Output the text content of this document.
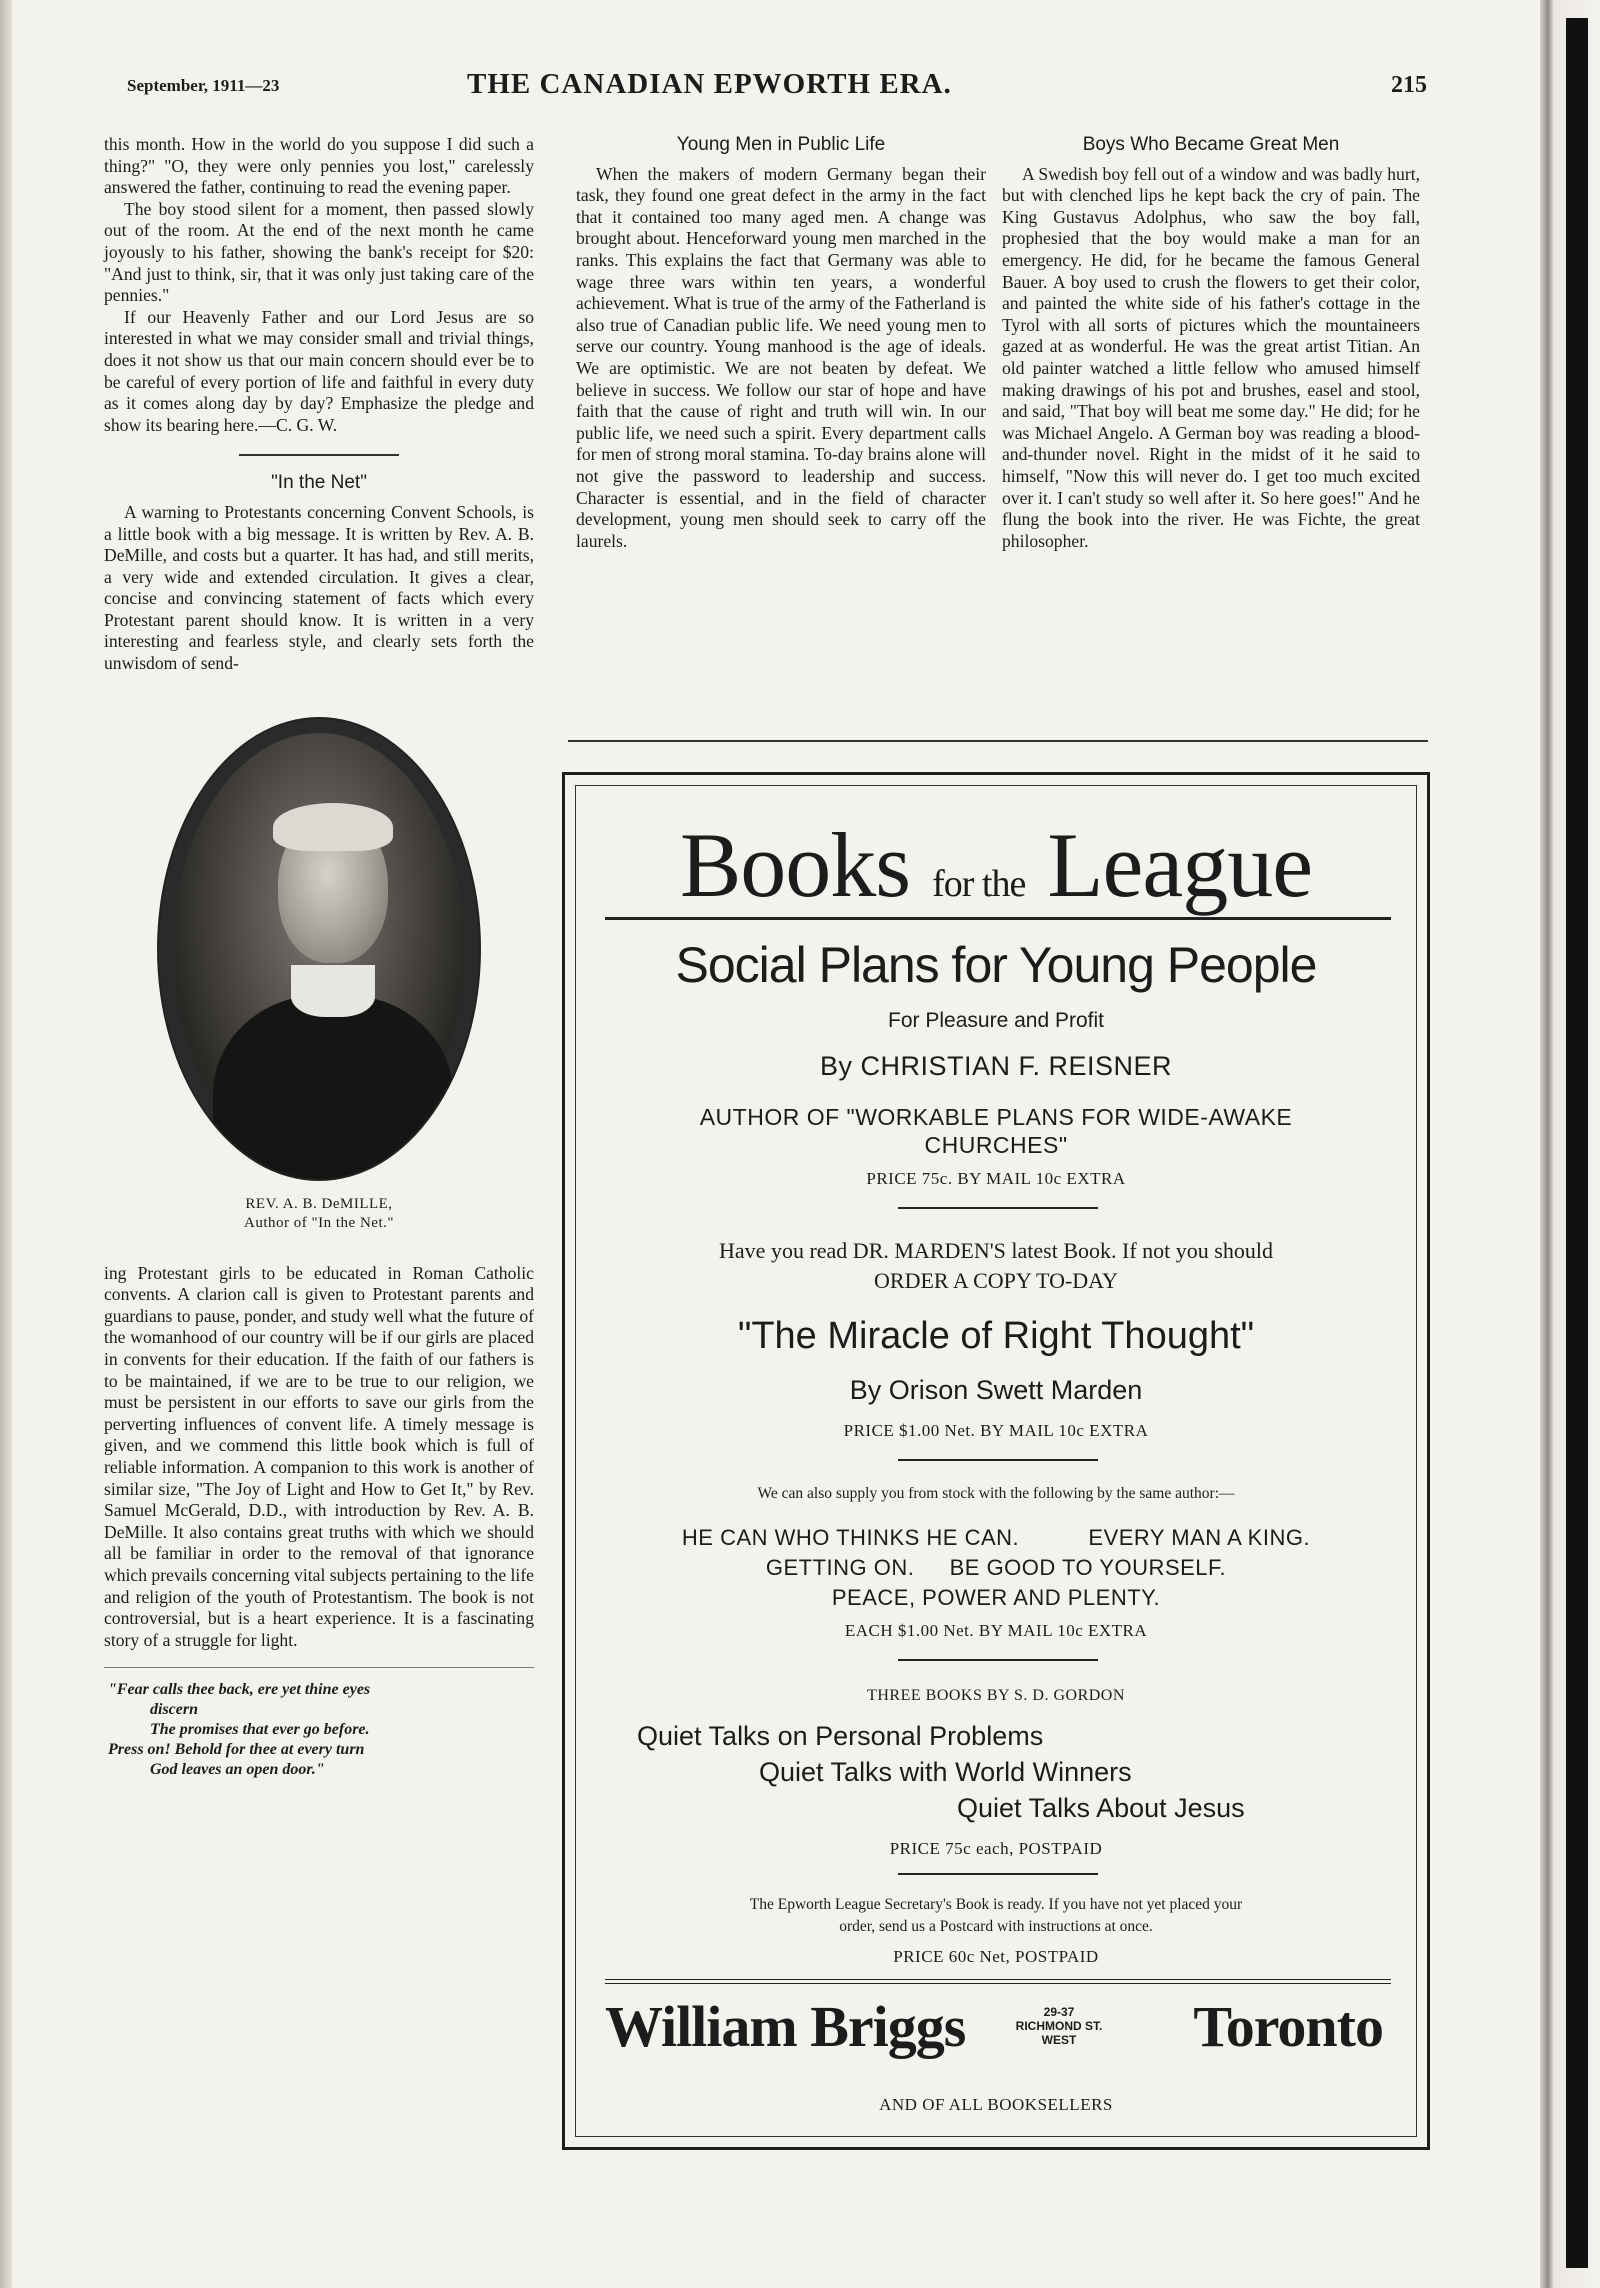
September, 1911—23	THE CANADIAN EPWORTH ERA.	215

this month. How in the world do you suppose I did such a thing?" "O, they were only pennies you lost," carelessly answered the father, continuing to read the evening paper.

The boy stood silent for a moment, then passed slowly out of the room. At the end of the next month he came joyously to his father, showing the bank's receipt for $20: "And just to think, sir, that it was only just taking care of the pennies."

If our Heavenly Father and our Lord Jesus are so interested in what we may consider small and trivial things, does it not show us that our main concern should ever be to be careful of every portion of life and faithful in every duty as it comes along day by day? Emphasize the pledge and show its bearing here.—C. G. W.

"In the Net"

A warning to Protestants concerning Convent Schools, is a little book with a big message. It is written by Rev. A. B. DeMille, and costs but a quarter. It has had, and still merits, a very wide and extended circulation. It gives a clear, concise and convincing statement of facts which every Protestant parent should know. It is written in a very interesting and fearless style, and clearly sets forth the unwisdom of send-

REV. A. B. DeMILLE,
Author of "In the Net."

ing Protestant girls to be educated in Roman Catholic convents. A clarion call is given to Protestant parents and guardians to pause, ponder, and study well what the future of the womanhood of our country will be if our girls are placed in convents for their education. If the faith of our fathers is to be maintained, if we are to be true to our religion, we must be persistent in our efforts to save our girls from the perverting influences of convent life. A timely message is given, and we commend this little book which is full of reliable information. A companion to this work is another of similar size, "The Joy of Light and How to Get It," by Rev. Samuel McGerald, D.D., with introduction by Rev. A. B. DeMille. It also contains great truths with which we should all be familiar in order to the removal of that ignorance which prevails concerning vital subjects pertaining to the life and religion of the youth of Protestantism. The book is not controversial, but is a heart experience. It is a fascinating story of a struggle for light.

"Fear calls thee back, ere yet thine eyes
discern
The promises that ever go before.
Press on! Behold for thee at every turn
God leaves an open door."
Young Men in Public Life

When the makers of modern Germany began their task, they found one great defect in the army in the fact that it contained too many aged men. A change was brought about. Henceforward young men marched in the ranks. This explains the fact that Germany was able to wage three wars within ten years, a wonderful achievement. What is true of the army of the Fatherland is also true of Canadian public life. We need young men to serve our country. Young manhood is the age of ideals. We are optimistic. We are not beaten by defeat. We believe in success. We follow our star of hope and have faith that the cause of right and truth will win. In our public life, we need such a spirit. Every department calls for men of strong moral stamina. To-day brains alone will not give the password to leadership and success. Character is essential, and in the field of character development, young men should seek to carry off the laurels.

Boys Who Became Great Men

A Swedish boy fell out of a window and was badly hurt, but with clenched lips he kept back the cry of pain. The King Gustavus Adolphus, who saw the boy fall, prophesied that the boy would make a man for an emergency. He did, for he became the famous General Bauer. A boy used to crush the flowers to get their color, and painted the white side of his father's cottage in the Tyrol with all sorts of pictures which the mountaineers gazed at as wonderful. He was the great artist Titian. An old painter watched a little fellow who amused himself making drawings of his pot and brushes, easel and stool, and said, "That boy will beat me some day." He did; for he was Michael Angelo. A German boy was reading a blood-and-thunder novel. Right in the midst of it he said to himself, "Now this will never do. I get too much excited over it. I can't study so well after it. So here goes!" And he flung the book into the river. He was Fichte, the great philosopher.

Books for the League
Social Plans for Young People
For Pleasure and Profit
By CHRISTIAN F. REISNER
AUTHOR OF "WORKABLE PLANS FOR WIDE-AWAKE
CHURCHES"
PRICE 75c. BY MAIL 10c EXTRA
Have you read DR. MARDEN'S latest Book. If not you should
ORDER A COPY TO-DAY
"The Miracle of Right Thought"
By Orison Swett Marden
PRICE $1.00 Net. BY MAIL 10c EXTRA
We can also supply you from stock with the following by the same author:—
HE CAN WHO THINKS HE CAN.	EVERY MAN A KING.
GETTING ON. BE GOOD TO YOURSELF.
PEACE, POWER AND PLENTY.
EACH $1.00 Net. BY MAIL 10c EXTRA
THREE BOOKS BY S. D. GORDON
Quiet Talks on Personal Problems
Quiet Talks with World Winners
Quiet Talks About Jesus
PRICE 75c each, POSTPAID
The Epworth League Secretary's Book is ready. If you have not yet placed your
order, send us a Postcard with instructions at once.
PRICE 60c Net, POSTPAID
William Briggs	29-37
RICHMOND ST.
WEST	Toronto
AND OF ALL BOOKSELLERS
